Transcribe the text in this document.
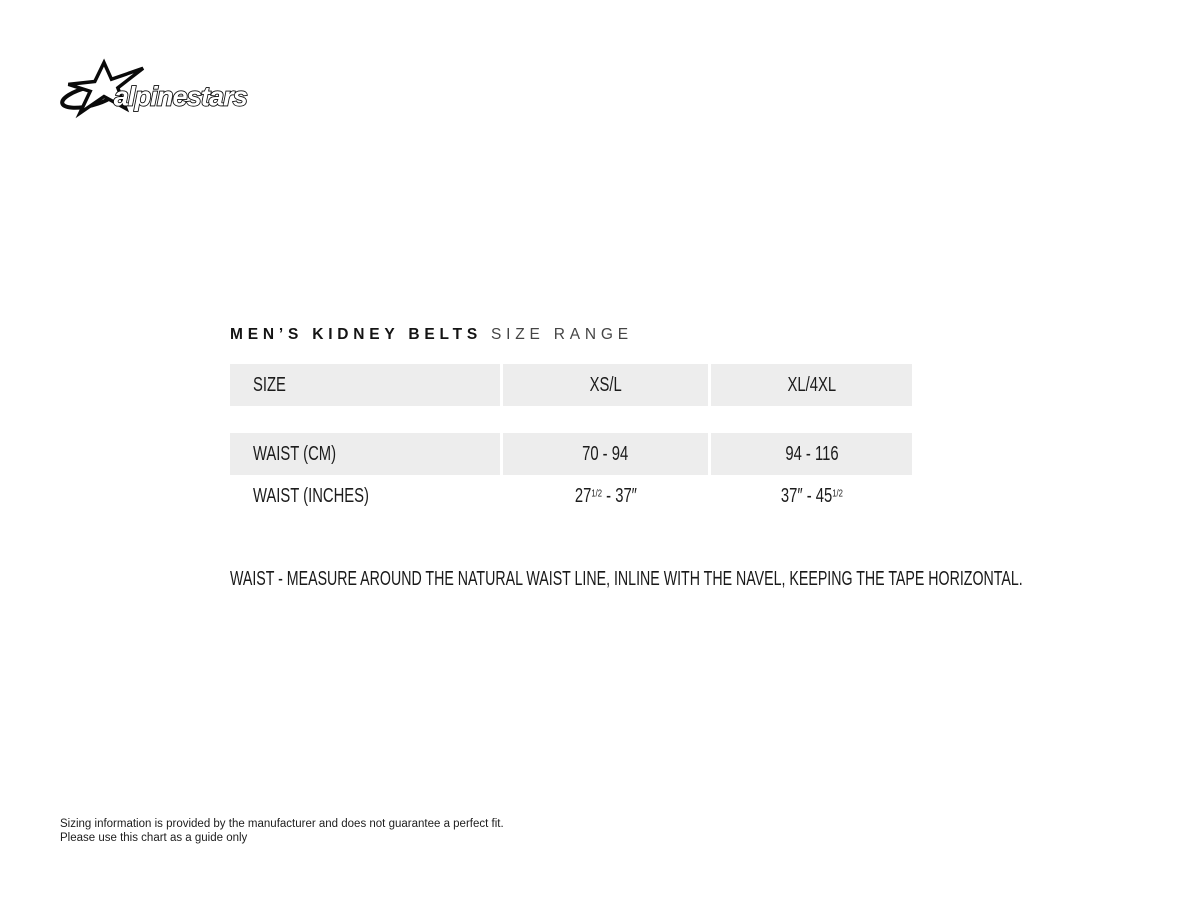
alpinestars
MEN’S KIDNEY BELTS SIZE RANGE
SIZE	XS/L	XL/4XL
WAIST (CM)	70 - 94	94 - 116
WAIST (INCHES)	$27^{1/2} - 37''$	$37'' - 45^{1/2}$
WAIST - MEASURE AROUND THE NATURAL WAIST LINE, INLINE WITH THE NAVEL, KEEPING THE TAPE HORIZONTAL.
Sizing information is provided by the manufacturer and does not guarantee a perfect fit.
Please use this chart as a guide only
